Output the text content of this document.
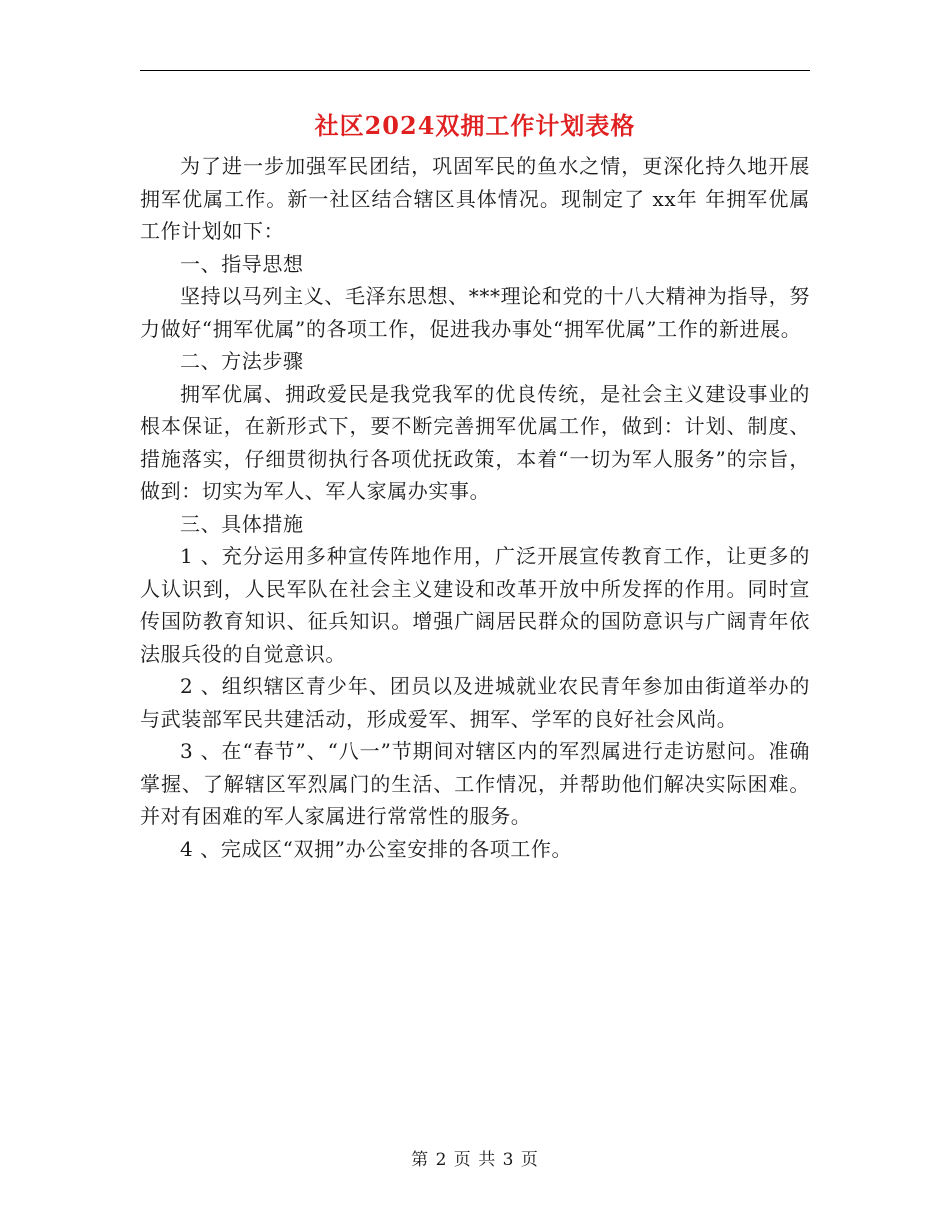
社区2024双拥工作计划表格

为了进一步加强军民团结，巩固军民的鱼水之情，更深化持久地开展拥军优属工作。新一社区结合辖区具体情况。现制定了 xx年 年拥军优属工作计划如下：

一、指导思想

坚持以马列主义、毛泽东思想、***理论和党的十八大精神为指导，努力做好“拥军优属”的各项工作，促进我办事处“拥军优属”工作的新进展。

二、方法步骤

拥军优属、拥政爱民是我党我军的优良传统，是社会主义建设事业的根本保证，在新形式下，要不断完善拥军优属工作，做到：计划、制度、措施落实，仔细贯彻执行各项优抚政策，本着“一切为军人服务”的宗旨，做到：切实为军人、军人家属办实事。

三、具体措施

1 、充分运用多种宣传阵地作用，广泛开展宣传教育工作，让更多的人认识到，人民军队在社会主义建设和改革开放中所发挥的作用。同时宣传国防教育知识、征兵知识。增强广阔居民群众的国防意识与广阔青年依法服兵役的自觉意识。

2 、组织辖区青少年、团员以及进城就业农民青年参加由街道举办的与武装部军民共建活动，形成爱军、拥军、学军的良好社会风尚。

3 、在“春节”、“八一”节期间对辖区内的军烈属进行走访慰问。准确掌握、了解辖区军烈属门的生活、工作情况，并帮助他们解决实际困难。并对有困难的军人家属进行常常性的服务。

4 、完成区“双拥”办公室安排的各项工作。

第 2 页 共 3 页
